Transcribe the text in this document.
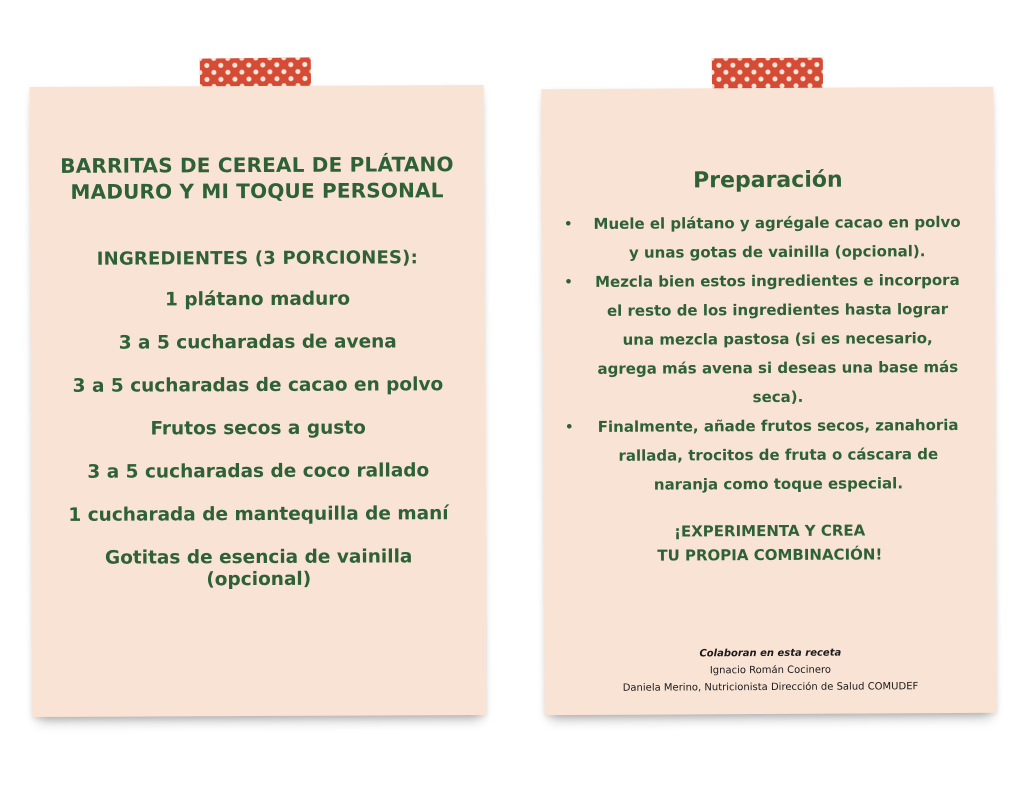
BARRITAS DE CEREAL DE PLÁTANO
MADURO Y MI TOQUE PERSONAL
INGREDIENTES (3 PORCIONES):
1 plátano maduro
3 a 5 cucharadas de avena
3 a 5 cucharadas de cacao en polvo
Frutos secos a gusto
3 a 5 cucharadas de coco rallado
1 cucharada de mantequilla de maní
Gotitas de esencia de vainilla
(opcional)
Preparación
•	Muele el plátano y agrégale cacao en polvo
y unas gotas de vainilla (opcional).
•	Mezcla bien estos ingredientes e incorpora
el resto de los ingredientes hasta lograr
una mezcla pastosa (si es necesario,
agrega más avena si deseas una base más
seca).
•	Finalmente, añade frutos secos, zanahoria
rallada, trocitos de fruta o cáscara de
naranja como toque especial.
¡EXPERIMENTA Y CREA
TU PROPIA COMBINACIÓN!
Colaboran en esta receta
Ignacio Román Cocinero
Daniela Merino, Nutricionista Dirección de Salud COMUDEF
